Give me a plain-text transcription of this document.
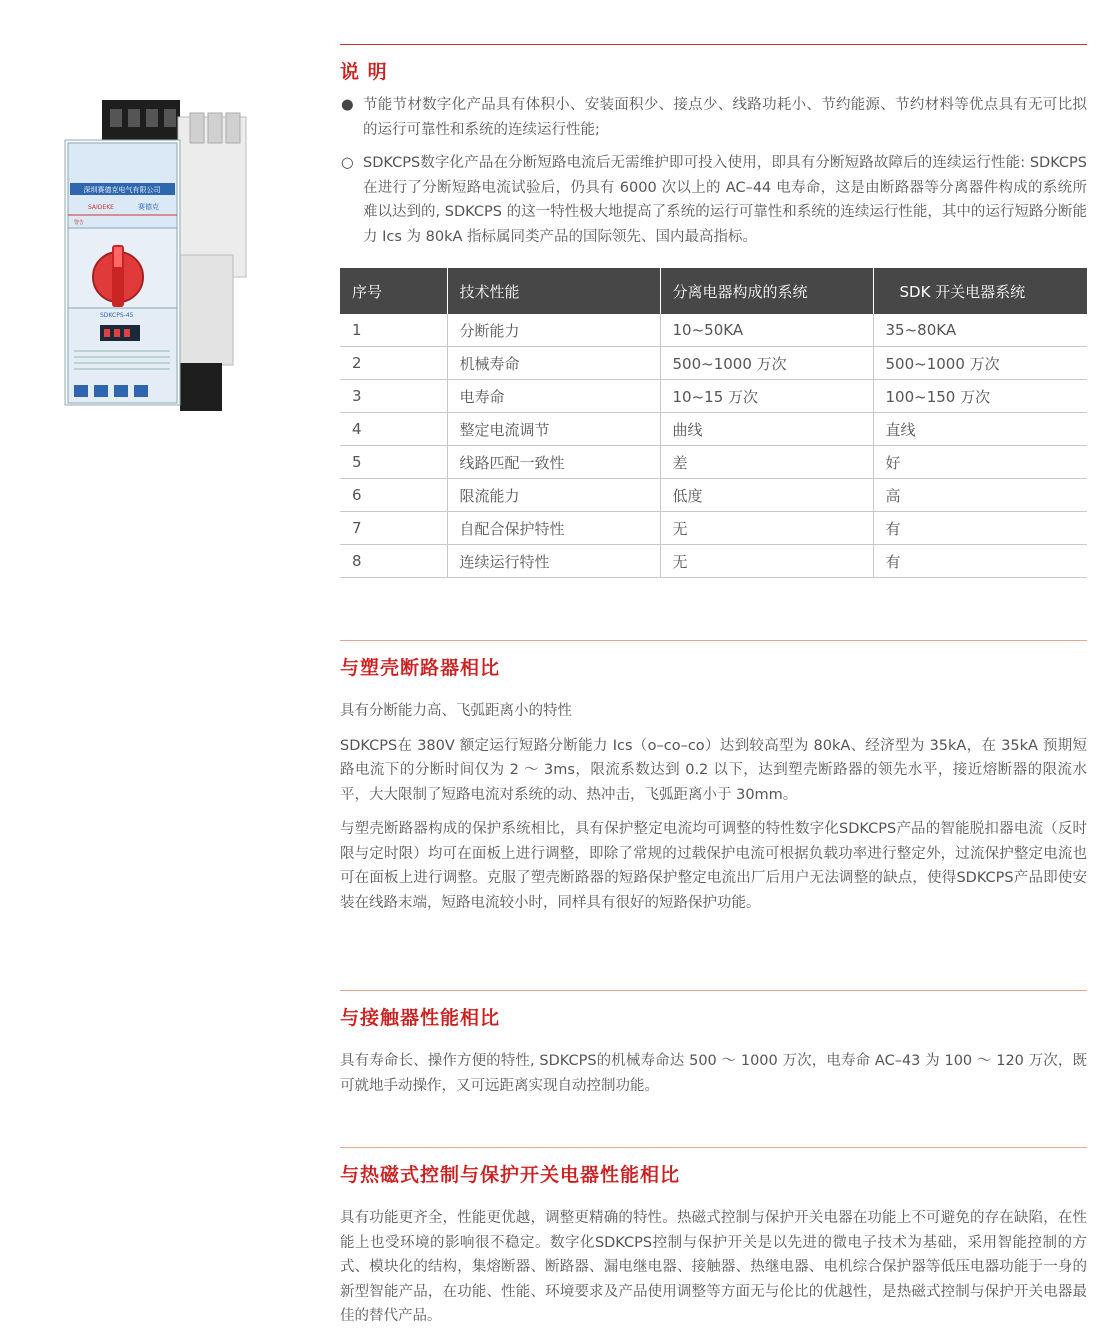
深圳赛德克电气有限公司
SAIDEKE	赛德克
警告
SDKCPS-45
说 明
● 节能节材数字化产品具有体积小、安装面积少、接点少、线路功耗小、节约能源、节约材料等优点具有无可比拟的运行可靠性和系统的连续运行性能;
○ SDKCPS数字化产品在分断短路电流后无需维护即可投入使用，即具有分断短路故障后的连续运行性能: SDKCPS在进行了分断短路电流试验后，仍具有 6000 次以上的 AC–44 电寿命，这是由断路器等分离器件构成的系统所难以达到的, SDKCPS 的这一特性极大地提高了系统的运行可靠性和系统的连续运行性能，其中的运行短路分断能力 Ics 为 80kA 指标属同类产品的国际领先、国内最高指标。
序号	技术性能	分离电器构成的系统	SDK 开关电器系统
1	分断能力	10~50KA	35~80KA
2	机械寿命	500~1000 万次	500~1000 万次
3	电寿命	10~15 万次	100~150 万次
4	整定电流调节	曲线	直线
5	线路匹配一致性	差	好
6	限流能力	低度	高
7	自配合保护特性	无	有
8	连续运行特性	无	有
与塑壳断路器相比

具有分断能力高、飞弧距离小的特性

SDKCPS在 380V 额定运行短路分断能力 Ics（o–co–co）达到较高型为 80kA、经济型为 35kA，在 35kA 预期短路电流下的分断时间仅为 2 ～ 3ms，限流系数达到 0.2 以下，达到塑壳断路器的领先水平，接近熔断器的限流水平，大大限制了短路电流对系统的动、热冲击，飞弧距离小于 30mm。

与塑壳断路器构成的保护系统相比，具有保护整定电流均可调整的特性数字化SDKCPS产品的智能脱扣器电流（反时限与定时限）均可在面板上进行调整，即除了常规的过载保护电流可根据负载功率进行整定外，过流保护整定电流也可在面板上进行调整。克服了塑壳断路器的短路保护整定电流出厂后用户无法调整的缺点，使得SDKCPS产品即使安装在线路末端，短路电流较小时，同样具有很好的短路保护功能。

与接触器性能相比

具有寿命长、操作方便的特性, SDKCPS的机械寿命达 500 ～ 1000 万次，电寿命 AC–43 为 100 ～ 120 万次，既可就地手动操作，又可远距离实现自动控制功能。

与热磁式控制与保护开关电器性能相比

具有功能更齐全，性能更优越，调整更精确的特性。热磁式控制与保护开关电器在功能上不可避免的存在缺陷，在性能上也受环境的影响很不稳定。数字化SDKCPS控制与保护开关是以先进的微电子技术为基础，采用智能控制的方式、模块化的结构，集熔断器、断路器、漏电继电器、接触器、热继电器、电机综合保护器等低压电器功能于一身的新型智能产品，在功能、性能、环境要求及产品使用调整等方面无与伦比的优越性，是热磁式控制与保护开关电器最佳的替代产品。
